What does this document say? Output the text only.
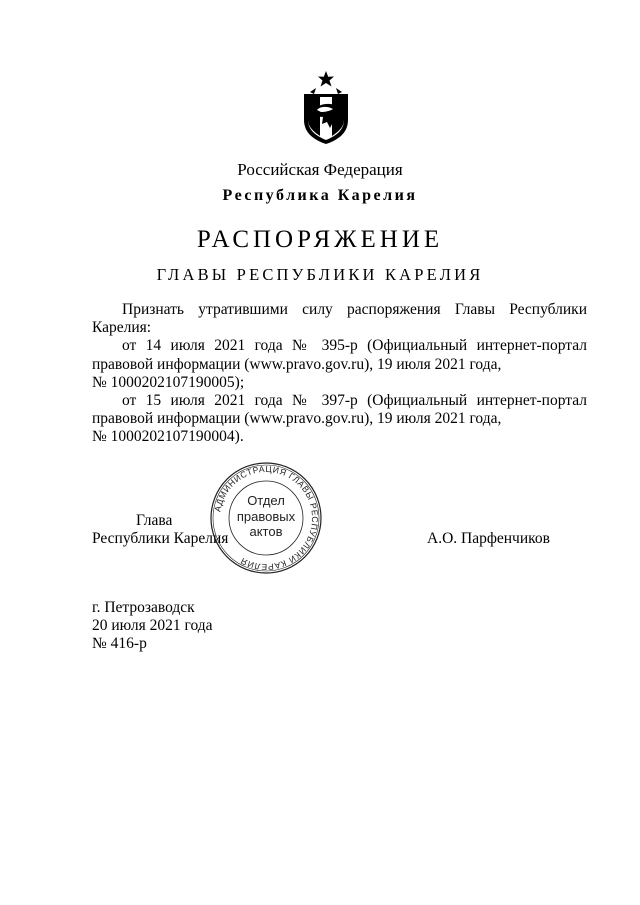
Российская Федерация
Республика Карелия
РАСПОРЯЖЕНИЕ
ГЛАВЫ РЕСПУБЛИКИ КАРЕЛИЯ

Признать утратившими силу распоряжения Главы Республики Карелия:

от 14 июля 2021 года № 395-р (Официальный интернет-портал правовой информации (www.pravo.gov.ru), 19 июля 2021 года,

№ 1000202107190005);

от 15 июля 2021 года № 397-р (Официальный интернет-портал правовой информации (www.pravo.gov.ru), 19 июля 2021 года,

№ 1000202107190004).

АДМИНИСТРАЦИЯ ГЛАВЫ РЕСПУБЛИКИ КАРЕЛИЯ
Отдел
правовых
актов
Глава
Республики Карелия	А.О. Парфенчиков
г. Петрозаводск
20 июля 2021 года
№ 416-р
